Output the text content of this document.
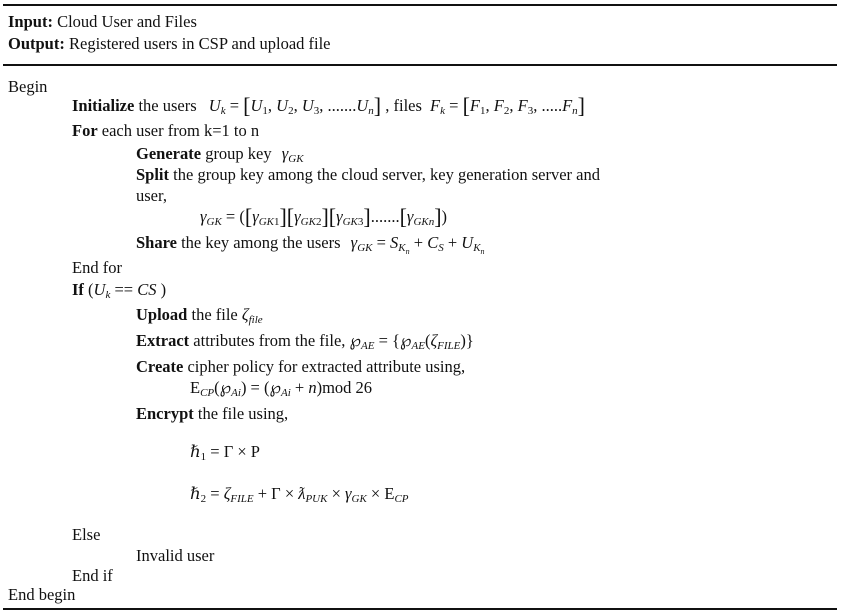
Input: Cloud User and Files
Output: Registered users in CSP and upload file
Begin
Initialize the users $U_k = [U_1$, $U_2$, $U_3$, $.......U_n$] , files $F_k = [F_1$, $F_2$, $F_3$, $.....F_n$]
For each user from k=1 to n
Generate group key $\gamma_{GK}$
Split the group key among the cloud server, key generation server and
user,
$\gamma_{GK} = ([\gamma_{GK1}][\gamma_{GK2}][\gamma_{GK3}].......[\gamma_{GKn}])$
Share the key among the users $\gamma_{GK} = S_{K_n} + C_S + U_{K_n}$
End for
If ($U_k$ == CS )
Upload the file $\zeta_{file}$
Extract attributes from the file, $℘_{AE}$ = $\{℘_{AE}(\zeta_{FILE})\}$
Create cipher policy for extracted attribute using,
$E_{CP}(℘_{Ai})$ = $(℘_{Ai} + n)mod$ 26
Encrypt the file using,
ℏ$_1$ = Γ × P
ℏ$_2$ = $\zeta_{FILE} + \Gamma$ × $ƛ_{PUK} \times \gamma_{GK} \times E_{CP}$
Else
Invalid user
End if
End begin
